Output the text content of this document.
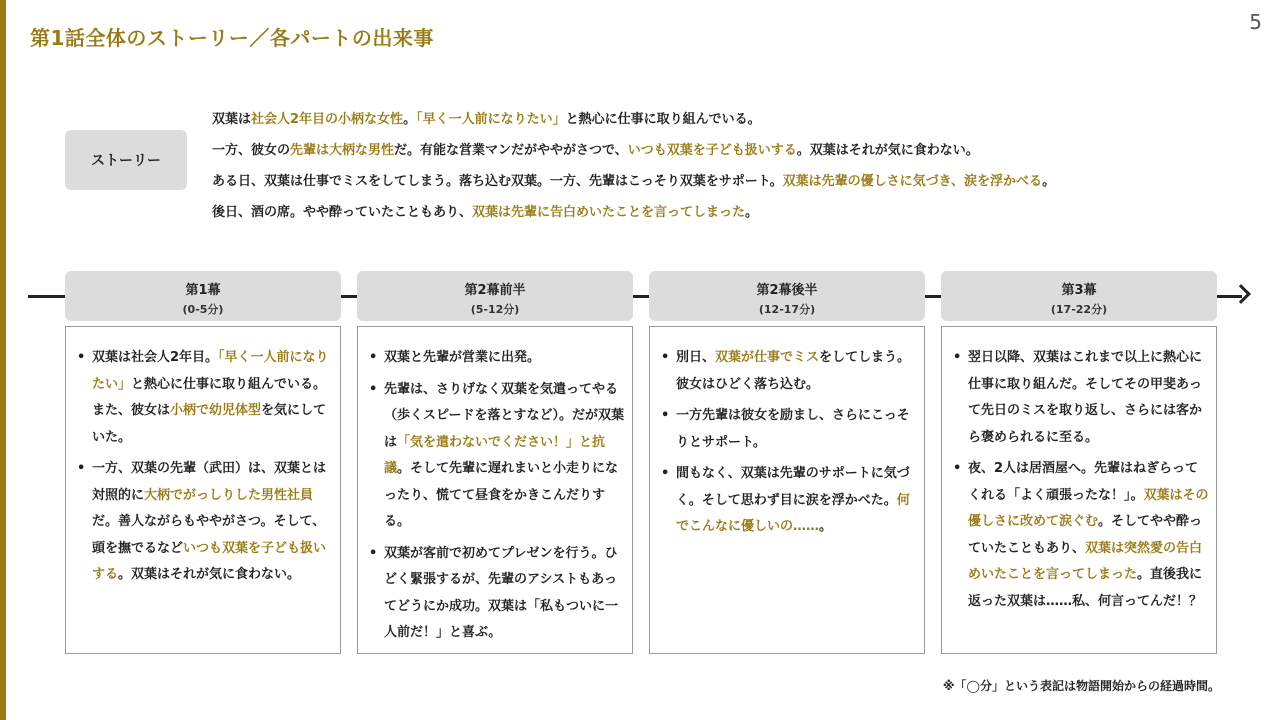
第1話全体のストーリー／各パートの出来事
5
ストーリー
双葉は社会人2年目の小柄な女性。「早く一人前になりたい」と熱心に仕事に取り組んでいる。
一方、彼女の先輩は大柄な男性だ。有能な営業マンだがややがさつで、いつも双葉を子ども扱いする。双葉はそれが気に食わない。
ある日、双葉は仕事でミスをしてしまう。落ち込む双葉。一方、先輩はこっそり双葉をサポート。双葉は先輩の優しさに気づき、涙を浮かべる。
後日、酒の席。やや酔っていたこともあり、双葉は先輩に告白めいたことを言ってしまった。
第1幕
(0-5分)
第2幕前半
(5-12分)
第2幕後半
(12-17分)
第3幕
(17-22分)
• 双葉は社会人2年目。「早く一人前になりたい」と熱心に仕事に取り組んでいる。また、彼女は小柄で幼児体型を気にしていた。
• 一方、双葉の先輩（武田）は、双葉とは対照的に大柄でがっしりした男性社員だ。善人ながらもややがさつ。そして、頭を撫でるなどいつも双葉を子ども扱いする。双葉はそれが気に食わない。
• 双葉と先輩が営業に出発。
• 先輩は、さりげなく双葉を気遣ってやる（歩くスピードを落とすなど）。だが双葉は「気を遣わないでください！」と抗議。そして先輩に遅れまいと小走りになったり、慌てて昼食をかきこんだりする。
• 双葉が客前で初めてプレゼンを行う。ひどく緊張するが、先輩のアシストもあってどうにか成功。双葉は「私もついに一人前だ！」と喜ぶ。
• 別日、双葉が仕事でミスをしてしまう。彼女はひどく落ち込む。
• 一方先輩は彼女を励まし、さらにこっそりとサポート。
• 間もなく、双葉は先輩のサポートに気づく。そして思わず目に涙を浮かべた。何でこんなに優しいの……。
• 翌日以降、双葉はこれまで以上に熱心に仕事に取り組んだ。そしてその甲斐あって先日のミスを取り返し、さらには客から褒められるに至る。
• 夜、2人は居酒屋へ。先輩はねぎらってくれる「よく頑張ったな！」。双葉はその優しさに改めて涙ぐむ。そしてやや酔っていたこともあり、双葉は突然愛の告白めいたことを言ってしまった。直後我に返った双葉は……私、何言ってんだ！？
※「◯分」という表記は物語開始からの経過時間。
